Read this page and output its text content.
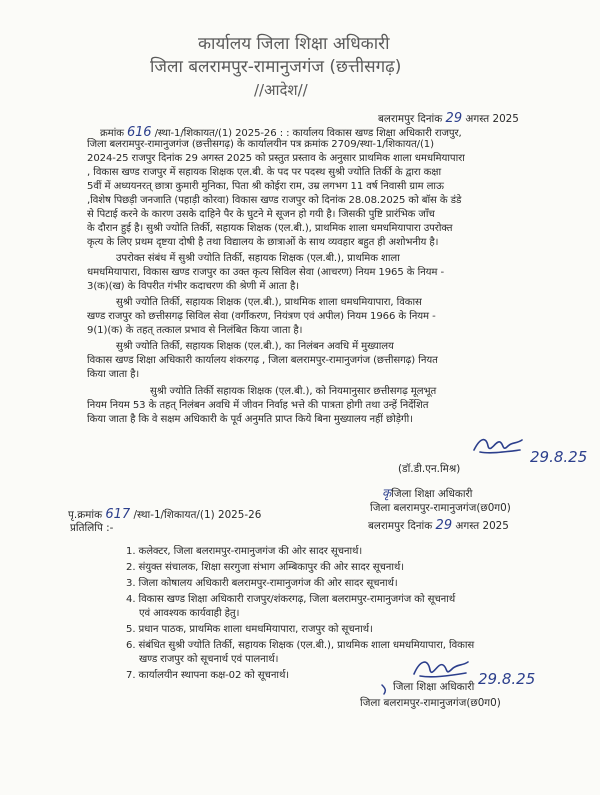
कार्यालय जिला शिक्षा अधिकारी
जिला बलरामपुर-रामानुजगंज (छत्तीसगढ़)
//आदेश//
बलरामपुर दिनांक 29 अगस्त 2025
क्रमांक 616 /स्था-1/शिकायत/(1) 2025-26 : : कार्यालय विकास खण्ड शिक्षा अधिकारी राजपुर,
जिला बलरामपुर-रामानुजगंज (छत्तीसगढ़) के कार्यालयीन पत्र क्रमांक 2709/स्था-1/शिकायत/(1)
2024-25 राजपुर दिनांक 29 अगस्त 2025 को प्रस्तुत प्रस्ताव के अनुसार प्राथमिक शाला धमधमियापारा
, विकास खण्ड राजपुर में सहायक शिक्षक एल.बी. के पद पर पदस्थ सुश्री ज्योति तिर्की के द्वारा कक्षा
5वीं में अध्ययनरत् छात्रा कुमारी मुनिका, पिता श्री कोईरा राम, उम्र लगभग 11 वर्ष निवासी ग्राम लाऊ
,विशेष पिछड़ी जनजाति (पहाड़ी कोरवा) विकास खण्ड राजपुर को दिनांक 28.08.2025 को बॉस के डंडे
से पिटाई करने के कारण उसके दाहिने पैर के घुटने मे सूजन हो गयी है। जिसकी पुष्टि प्रारंभिक जाँच
के दौरान हुई है। सुश्री ज्योति तिर्की, सहायक शिक्षक (एल.बी.), प्राथमिक शाला धमधमियापारा उपरोक्त
कृत्य के लिए प्रथम दृष्टया दोषी है तथा विद्यालय के छात्राओं के साथ व्यवहार बहुत ही अशोभनीय है।
उपरोक्त संबंध में सुश्री ज्योति तिर्की, सहायक शिक्षक (एल.बी.), प्राथमिक शाला
धमधमियापारा, विकास खण्ड राजपुर का उक्त कृत्य सिविल सेवा (आचरण) नियम 1965 के नियम -
3(क)(ख) के विपरीत गंभीर कदाचरण की श्रेणी में आता है।
सुश्री ज्योति तिर्की, सहायक शिक्षक (एल.बी.), प्राथमिक शाला धमधमियापारा, विकास
खण्ड राजपुर को छत्तीसगढ़ सिविल सेवा (वर्गीकरण, नियंत्रण एवं अपील) नियम 1966 के नियम -
9(1)(क) के तहत् तत्काल प्रभाव से निलंबित किया जाता है।
सुश्री ज्योति तिर्की, सहायक शिक्षक (एल.बी.), का निलंबन अवधि में मुख्यालय
विकास खण्ड शिक्षा अधिकारी कार्यालय शंकरगढ़ , जिला बलरामपुर-रामानुजगंज (छत्तीसगढ़) नियत
किया जाता है।
सुश्री ज्योति तिर्की सहायक शिक्षक (एल.बी.), को नियमानुसार छत्तीसगढ़ मूलभूत
नियम नियम 53 के तहत् निलंबन अवधि में जीवन निर्वाह भत्ते की पात्रता होगी तथा उन्हें निर्देशित
किया जाता है कि वे सक्षम अधिकारी के पूर्व अनुमति प्राप्त किये बिना मुख्यालय नहीं छोड़ेगी।
29.8.25
(डॉ.डी.एन.मिश्र)
कृजिला शिक्षा अधिकारी
जिला बलरामपुर-रामानुजगंज(छ0ग0)
पृ.क्रमांक 617 /स्था-1/शिकायत/(1) 2025-26
बलरामपुर दिनांक 29 अगस्त 2025
प्रतिलिपि :-
1. कलेक्टर, जिला बलरामपुर-रामानुजगंज की ओर सादर सूचनार्थ।
2. संयुक्त संचालक, शिक्षा सरगुजा संभाग अम्बिकापुर की ओर सादर सूचनार्थ।
3. जिला कोषालय अधिकारी बलरामपुर-रामानुजगंज की ओर सादर सूचनार्थ।
4. विकास खण्ड शिक्षा अधिकारी राजपुर/शंकरगढ़, जिला बलरामपुर-रामानुजगंज को सूचनार्थ
एवं आवश्यक कार्यवाही हेतु।
5. प्रधान पाठक, प्राथमिक शाला धमधमियापारा, राजपुर को सूचनार्थ।
6. संबंधित सुश्री ज्योति तिर्की, सहायक शिक्षक (एल.बी.), प्राथमिक शाला धमधमियापारा, विकास
खण्ड राजपुर को सूचनार्थ एवं पालनार्थ।
7. कार्यालयीन स्थापना कक्ष-02 को सूचनार्थ।	29.8.25
जिला शिक्षा अधिकारी
जिला बलरामपुर-रामानुजगंज(छ0ग0)
